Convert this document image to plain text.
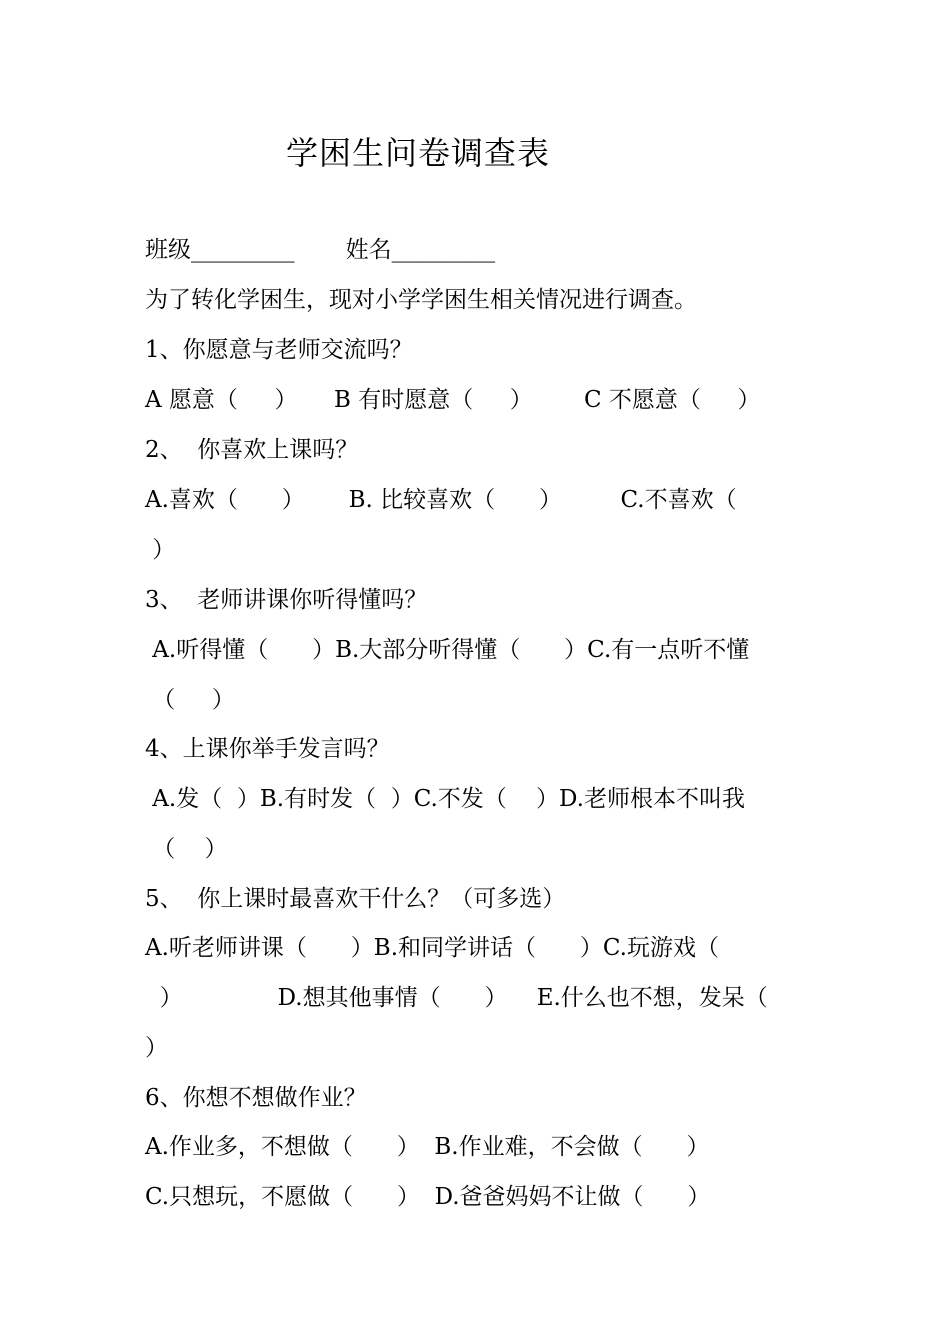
学困生问卷调查表
班级_________       姓名_________
为了转化学困生，现对小学学困生相关情况进行调查。
1、你愿意与老师交流吗？
A 愿意（     ）     B 有时愿意（     ）       C 不愿意（     ）
2、  你喜欢上课吗？
A.喜欢（      ）      B. 比较喜欢（      ）        C.不喜欢（
）
3、  老师讲课你听得懂吗？
A.听得懂（      ）B.大部分听得懂（      ）C.有一点听不懂
（     ）
4、上课你举手发言吗？
A.发（  ）B.有时发（  ）C.不发（    ）D.老师根本不叫我
（    ）
5、  你上课时最喜欢干什么？（可多选）
A.听老师讲课（      ）B.和同学讲话（      ）C.玩游戏（
）             D.想其他事情（      ）    E.什么也不想，发呆（
）
6、你想不想做作业？
A.作业多，不想做（      ）  B.作业难，不会做（      ）
C.只想玩，不愿做（      ）  D.爸爸妈妈不让做（      ）
